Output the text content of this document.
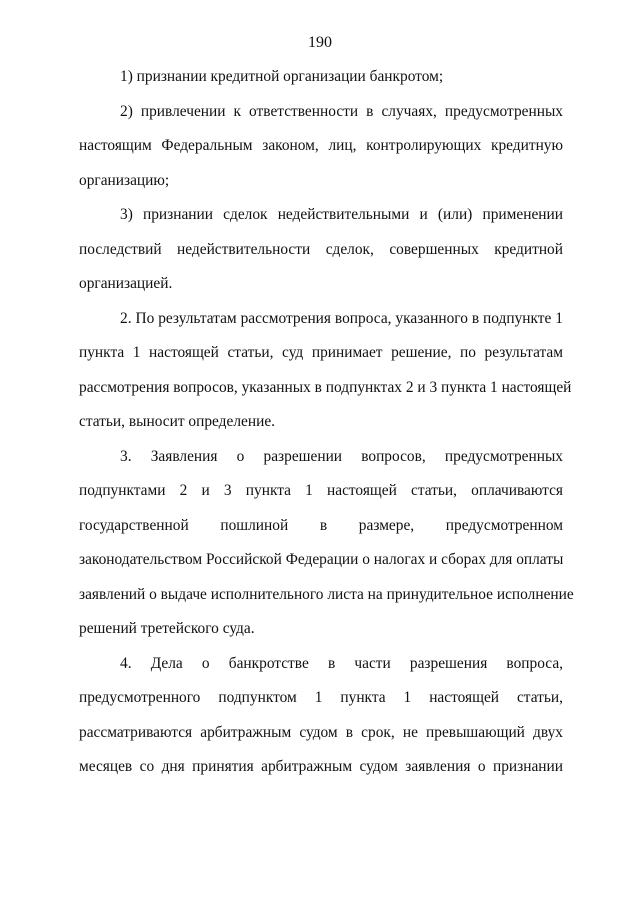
190
1) признании кредитной организации банкротом;
2) привлечении к ответственности в случаях, предусмотренных
настоящим Федеральным законом, лиц, контролирующих кредитную
организацию;
3) признании сделок недействительными и (или) применении
последствий недействительности сделок, совершенных кредитной
организацией.
2. По результатам рассмотрения вопроса, указанного в подпункте 1
пункта 1 настоящей статьи, суд принимает решение, по результатам
рассмотрения вопросов, указанных в подпунктах 2 и 3 пункта 1 настоящей
статьи, выносит определение.
3. Заявления о разрешении вопросов, предусмотренных
подпунктами 2 и 3 пункта 1 настоящей статьи, оплачиваются
государственной пошлиной в размере, предусмотренном
законодательством Российской Федерации о налогах и сборах для оплаты
заявлений о выдаче исполнительного листа на принудительное исполнение
решений третейского суда.
4. Дела о банкротстве в части разрешения вопроса,
предусмотренного подпунктом 1 пункта 1 настоящей статьи,
рассматриваются арбитражным судом в срок, не превышающий двух
месяцев со дня принятия арбитражным судом заявления о признании
